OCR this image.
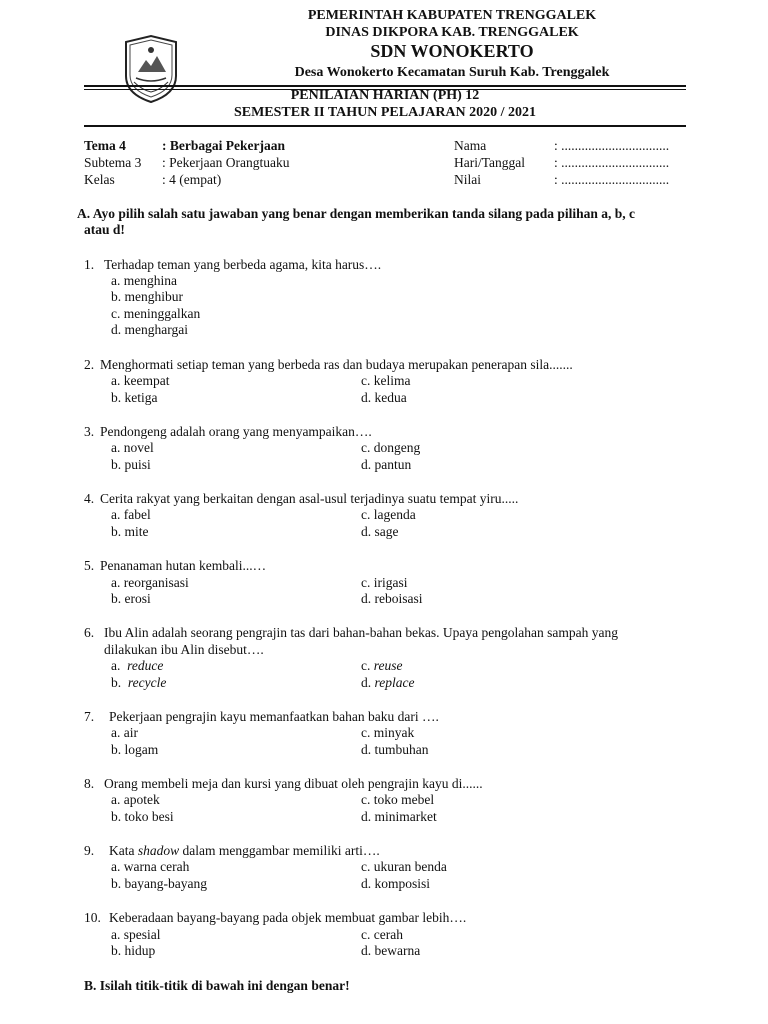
PEMERINTAH KABUPATEN TRENGGALEK
DINAS DIKPORA KAB. TRENGGALEK
SDN WONOKERTO
Desa Wonokerto Kecamatan Suruh Kab. Trenggalek
PENILAIAN HARIAN (PH) 12
SEMESTER II TAHUN PELAJARAN 2020 / 2021
Tema 4	: Berbagai Pekerjaan
Subtema 3 : Pekerjaan Orangtuaku
Kelas	: 4 (empat)
Nama	: ................................
Hari/Tanggal : ................................
Nilai	: ................................
A. Ayo pilih salah satu jawaban yang benar dengan memberikan tanda silang pada pilihan a, b, c
atau d!
1. Terhadap teman yang berbeda agama, kita harus….
a. menghina
b. menghibur
c. meninggalkan
d. menghargai
2. Menghormati setiap teman yang berbeda ras dan budaya merupakan penerapan sila.......
a. keempat
b. ketiga
c. kelima
d. kedua
3. Pendongeng adalah orang yang menyampaikan….
a. novel
b. puisi
c. dongeng
d. pantun
4. Cerita rakyat yang berkaitan dengan asal-usul terjadinya suatu tempat yiru.....
a. fabel
b. mite
c. lagenda
d. sage
5. Penanaman hutan kembali...…
a. reorganisasi
b. erosi
c. irigasi
d. reboisasi
6. Ibu Alin adalah seorang pengrajin tas dari bahan-bahan bekas. Upaya pengolahan sampah yang
dilakukan ibu Alin disebut….
a. reduce
b. recycle
c. reuse
d. replace
7. Pekerjaan pengrajin kayu memanfaatkan bahan baku dari ….
a. air
b. logam
c. minyak
d. tumbuhan
8. Orang membeli meja dan kursi yang dibuat oleh pengrajin kayu di......
a. apotek
b. toko besi
c. toko mebel
d. minimarket
9. Kata shadow dalam menggambar memiliki arti….
a. warna cerah
b. bayang-bayang
c. ukuran benda
d. komposisi
10. Keberadaan bayang-bayang pada objek membuat gambar lebih….
a. spesial
b. hidup
c. cerah
d. bewarna
B. Isilah titik-titik di bawah ini dengan benar!
